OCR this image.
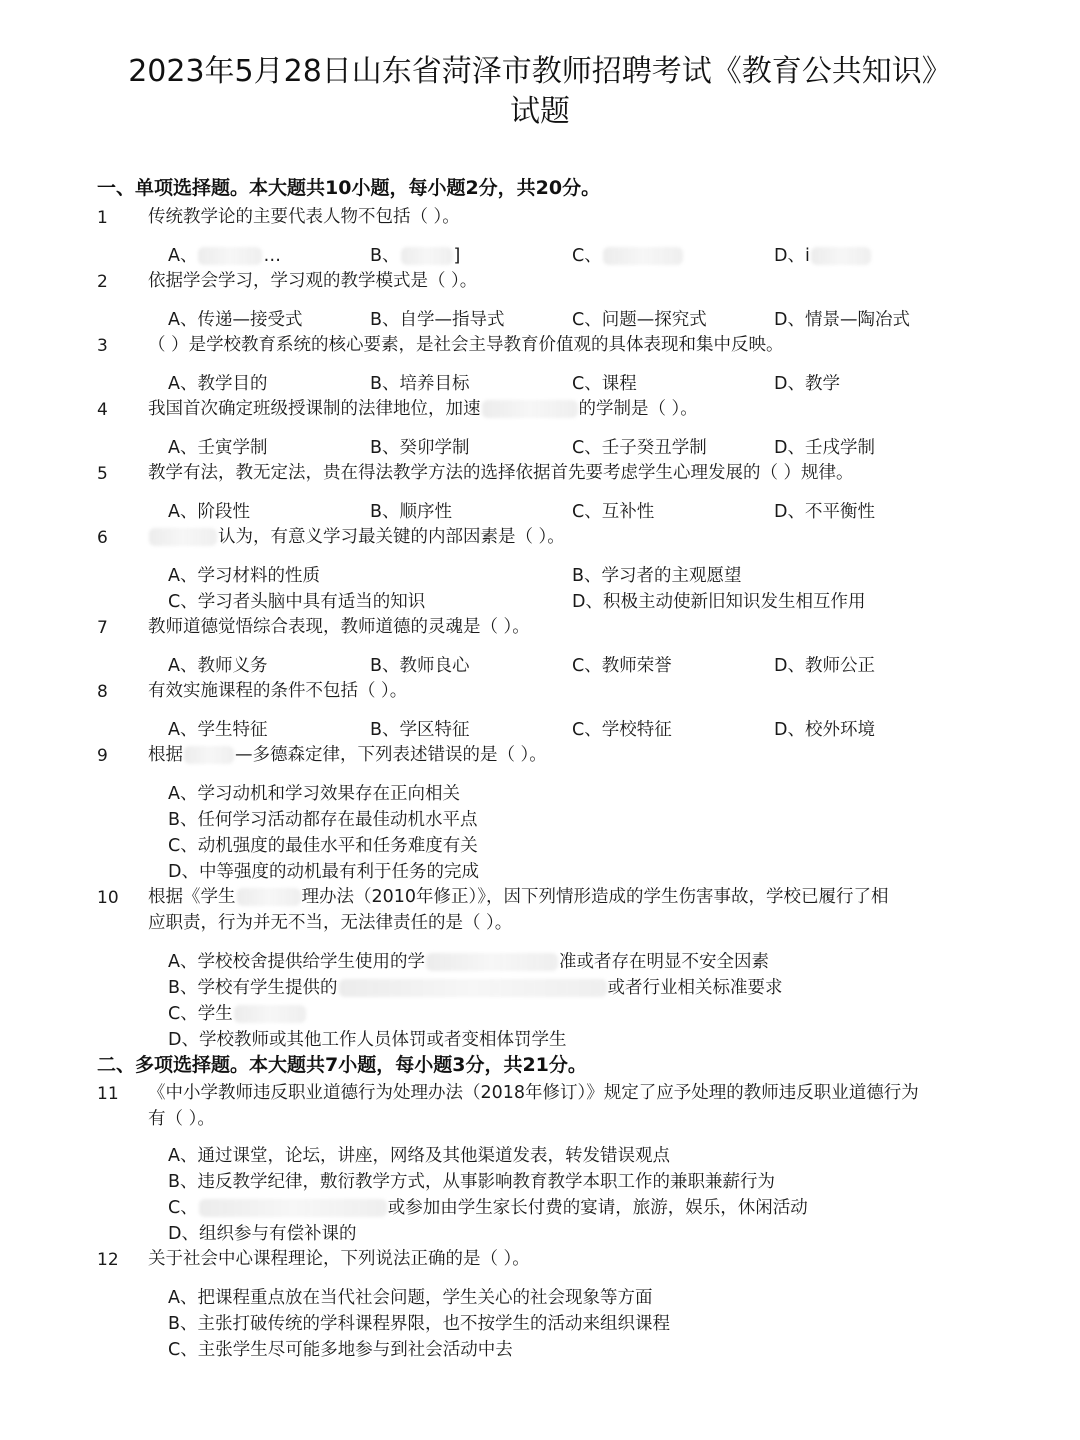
2023年5月28日山东省菏泽市教师招聘考试《教育公共知识》
试题
一、单项选择题。本大题共10小题，每小题2分，共20分。
1 传统教学论的主要代表人物不包括（ ）。
A、	…	B、	]	C、	D、i
2 依据学会学习，学习观的教学模式是（ ）。
A、传递—接受式	B、自学—指导式	C、问题—探究式	D、情景—陶冶式
3 （ ）是学校教育系统的核心要素，是社会主导教育价值观的具体表现和集中反映。
A、教学目的	B、培养目标	C、课程	D、教学
4 我国首次确定班级授课制的法律地位，加速	的学制是（ ）。
A、壬寅学制	B、癸卯学制	C、壬子癸丑学制	D、壬戌学制
5 教学有法，教无定法，贵在得法教学方法的选择依据首先要考虑学生心理发展的（ ）规律。
A、阶段性	B、顺序性	C、互补性	D、不平衡性
6	认为，有意义学习最关键的内部因素是（ ）。
A、学习材料的性质	B、学习者的主观愿望
C、学习者头脑中具有适当的知识	D、积极主动使新旧知识发生相互作用
7 教师道德觉悟综合表现，教师道德的灵魂是（ ）。
A、教师义务	B、教师良心	C、教师荣誉	D、教师公正
8 有效实施课程的条件不包括（ ）。
A、学生特征	B、学区特征	C、学校特征	D、校外环境
9 根据	—多德森定律，下列表述错误的是（ ）。
A、学习动机和学习效果存在正向相关
B、任何学习活动都存在最佳动机水平点
C、动机强度的最佳水平和任务难度有关
D、中等强度的动机最有利于任务的完成
10 根据《学生	理办法（2010年修正）》，因下列情形造成的学生伤害事故，学校已履行了相
应职责，行为并无不当，无法律责任的是（ ）。
A、学校校舍提供给学生使用的学	准或者存在明显不安全因素
B、学校有学生提供的	或者行业相关标准要求
C、学生
D、学校教师或其他工作人员体罚或者变相体罚学生
二、多项选择题。本大题共7小题，每小题3分，共21分。
11 《中小学教师违反职业道德行为处理办法（2018年修订）》规定了应予处理的教师违反职业道德行为
有（ ）。
A、通过课堂，论坛，讲座，网络及其他渠道发表，转发错误观点
B、违反教学纪律，敷衍教学方式，从事影响教育教学本职工作的兼职兼薪行为
C、	或参加由学生家长付费的宴请，旅游，娱乐，休闲活动
D、组织参与有偿补课的
12 关于社会中心课程理论，下列说法正确的是（ ）。
A、把课程重点放在当代社会问题，学生关心的社会现象等方面
B、主张打破传统的学科课程界限，也不按学生的活动来组织课程
C、主张学生尽可能多地参与到社会活动中去
